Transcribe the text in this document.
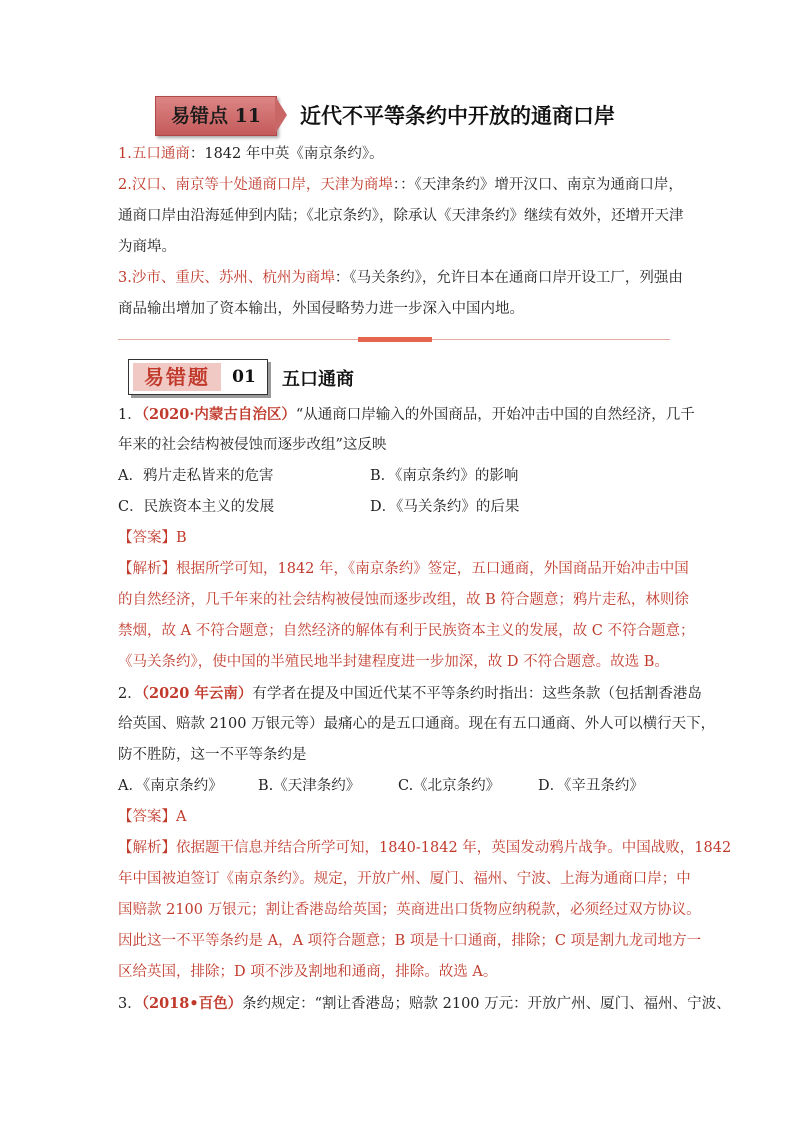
易错点 11	近代不平等条约中开放的通商口岸
1.五口通商：1842 年中英《南京条约》。
2.汉口、南京等十处通商口岸，天津为商埠：：《天津条约》增开汉口、南京为通商口岸，
通商口岸由沿海延伸到内陆；《北京条约》，除承认《天津条约》继续有效外，还增开天津
为商埠。
3.沙市、重庆、苏州、杭州为商埠：《马关条约》，允许日本在通商口岸开设工厂，列强由
商品输出增加了资本输出，外国侵略势力进一步深入中国内地。
易错题	01	五口通商
1．（2020·内蒙古自治区）“从通商口岸输入的外国商品，开始冲击中国的自然经济，几千
年来的社会结构被侵蚀而逐步改组”这反映
A．鸦片走私皆来的危害	B．《南京条约》的影响
C．民族资本主义的发展	D．《马关条约》的后果
【答案】B
【解析】根据所学可知，1842 年，《南京条约》签定，五口通商，外国商品开始冲击中国
的自然经济，几千年来的社会结构被侵蚀而逐步改组，故 B 符合题意；鸦片走私，林则徐
禁烟，故 A 不符合题意；自然经济的解体有利于民族资本主义的发展，故 C 不符合题意；
《马关条约》，使中国的半殖民地半封建程度进一步加深，故 D 不符合题意。故选 B。
2．（2020 年云南）有学者在提及中国近代某不平等条约时指出：这些条款（包括割香港岛
给英国、赔款 2100 万银元等）最痛心的是五口通商。现在有五口通商、外人可以横行天下，
防不胜防，这一不平等条约是
A．《南京条约》 B.《天津条约》	C.《北京条约》	D．《辛丑条约》
【答案】A
【解析】依据题干信息并结合所学可知，1840-1842 年，英国发动鸦片战争。中国战败，1842
年中国被迫签订《南京条约》。规定，开放广州、厦门、福州、宁波、上海为通商口岸；中
国赔款 2100 万银元；割让香港岛给英国；英商进出口货物应纳税款，必须经过双方协议。
因此这一不平等条约是 A，A 项符合题意；B 项是十口通商，排除；C 项是割九龙司地方一
区给英国，排除；D 项不涉及割地和通商，排除。故选 A。
3．（2018•百色）条约规定：“割让香港岛；赔款 2100 万元：开放广州、厦门、福州、宁波、
